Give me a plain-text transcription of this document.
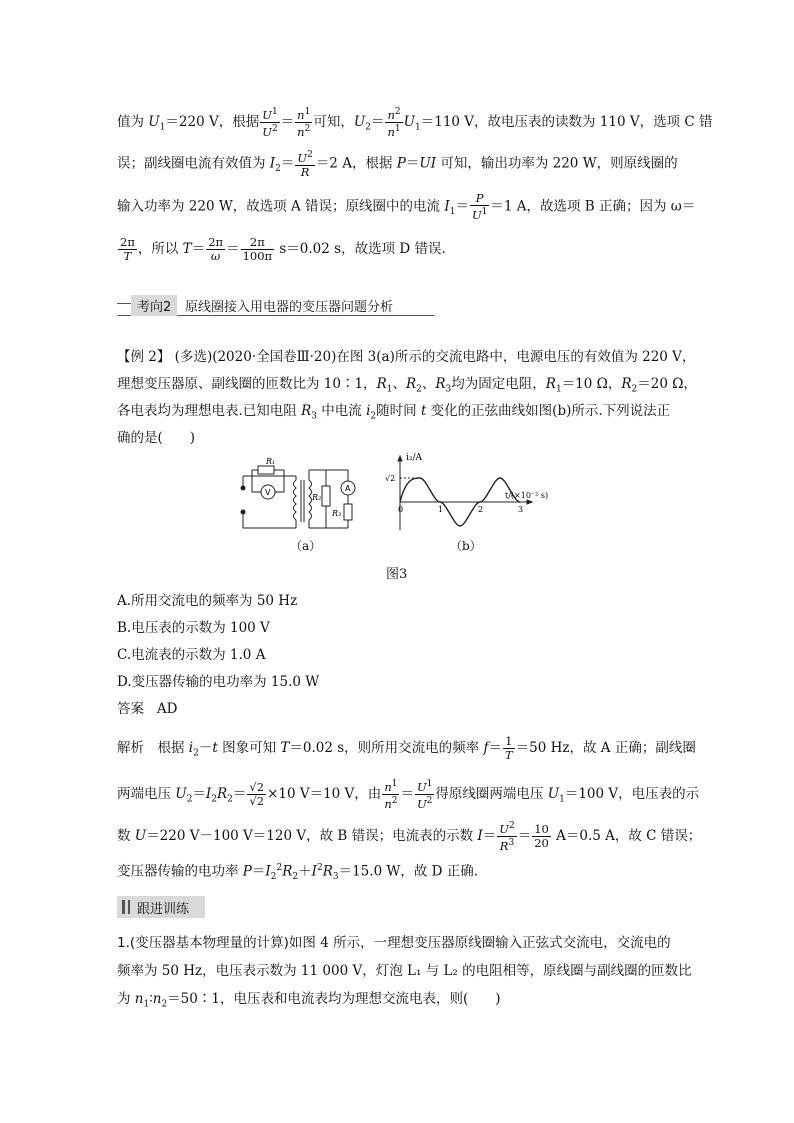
值为 $U_1=220$ V，根据 $\frac{U^1}{U^2} = \frac{n^1}{n^2}$ 可知，$U_2= \frac{n^2}{n^1} U_1=110$ V，故电压表的读数为 110 V，选项 C 错
误；副线圈电流有效值为 $I_2= \frac{U^2}{R} =2$ A，根据 P＝UI 可知，输出功率为 220 W，则原线圈的
输入功率为 220 W，故选项 A 错误；原线圈中的电流 $I_1= \frac{P}{U^1} =1$ A，故选项 B 正确；因为 ω＝
$\frac{2\pi}{T}$ ，所以 $T= \frac{2\pi}{\omega} = \frac{2\pi}{100\pi} s=0.02$ s，故选项 D 错误.
考向2	原线圈接入用电器的变压器问题分析
【例 2】 (多选)(2020·全国卷Ⅲ·20)在图 3(a)所示的交流电路中，电源电压的有效值为 220 V，
理想变压器原、副线圈的匝数比为 10∶1，$R_1$、$R_2$、$R_3$均为固定电阻，$R_1=10$ Ω，$R_2=20$ Ω，
各电表均为理想电表.已知电阻 $R_3$ 中电流 $i_2$随时间 t 变化的正弦曲线如图(b)所示.下列说法正
确的是(　　)
R₁
V
R₂
A
R₃
（a）
i₂/A
t/(×10⁻² s)
√2
0	1	2	3
（b）
图3
A.所用交流电的频率为 50 Hz
B.电压表的示数为 100 V
C.电流表的示数为 1.0 A
D.变压器传输的电功率为 15.0 W
答案 AD
解析　根据 $i_2-t$ 图象可知 T＝0.02 s，则所用交流电的频率 $f= \frac{1}{T} =50$ Hz，故 A 正确；副线圈
两端电压 $U_2=I_2R_2= \frac{√2}{√2} \times 10$ V＝10 V，由 $\frac{n^1}{n^2} = \frac{U^1}{U^2}$ 得原线圈两端电压 $U_1=100$ V，电压表的示
数 U＝220 V－100 V＝120 V，故 B 错误；电流表的示数 $I= \frac{U^2}{R^3} = \frac{10}{20} A=0.5$ A，故 C 错误；
变压器传输的电功率 $P=I_2^2R_2+I^2R_3=15.0$ W，故 D 正确.
跟进训练
1.(变压器基本物理量的计算)如图 4 所示，一理想变压器原线圈输入正弦式交流电，交流电的
频率为 50 Hz，电压表示数为 11 000 V，灯泡 L₁ 与 L₂ 的电阻相等，原线圈与副线圈的匝数比
为 $n_1∶n_2=50∶1$，电压表和电流表均为理想交流电表，则(　　)
